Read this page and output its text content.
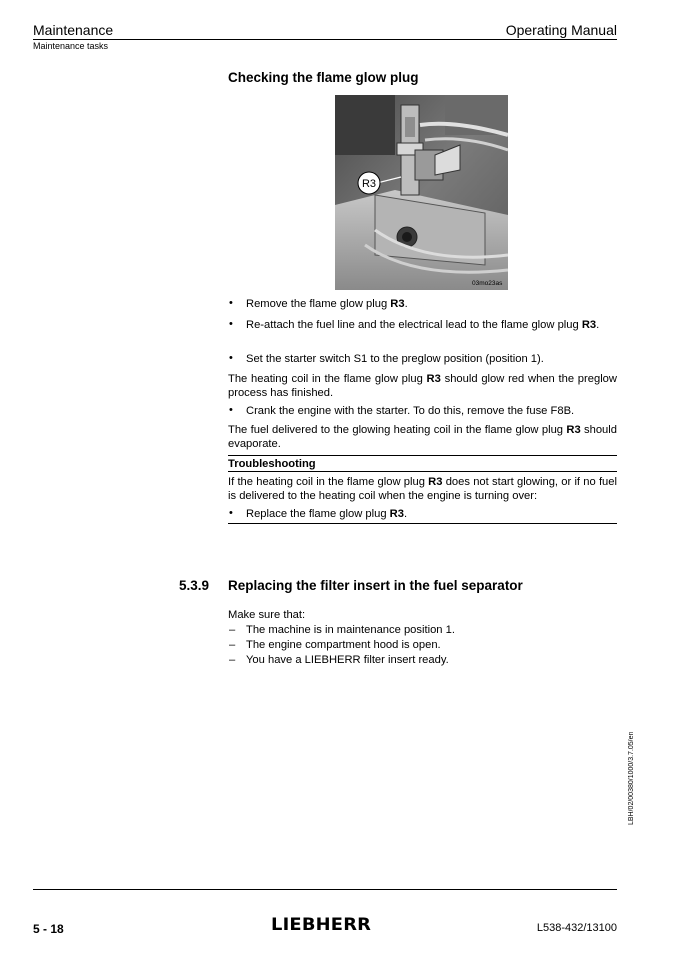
Maintenance	Operating Manual
Maintenance tasks
Checking the flame glow plug
R3
03mo23as
• Remove the flame glow plug R3.
• Re-attach the fuel line and the electrical lead to the flame glow plug R3.
• Set the starter switch S1 to the preglow position (position 1).
The heating coil in the flame glow plug R3 should glow red when the preglow process has finished.
• Crank the engine with the starter. To do this, remove the fuse F8B.
The fuel delivered to the glowing heating coil in the flame glow plug R3 should evaporate.
Troubleshooting
If the heating coil in the flame glow plug R3 does not start glowing, or if no fuel is delivered to the heating coil when the engine is turning over:
• Replace the flame glow plug R3.
5.3.9 Replacing the filter insert in the fuel separator
Make sure that:
– The machine is in maintenance position 1.
– The engine compartment hood is open.
– You have a LIEBHERR filter insert ready.
LBH/02/00380/1000/3.7.05/en
5 - 18	LIEBHERR	L538-432/13100
